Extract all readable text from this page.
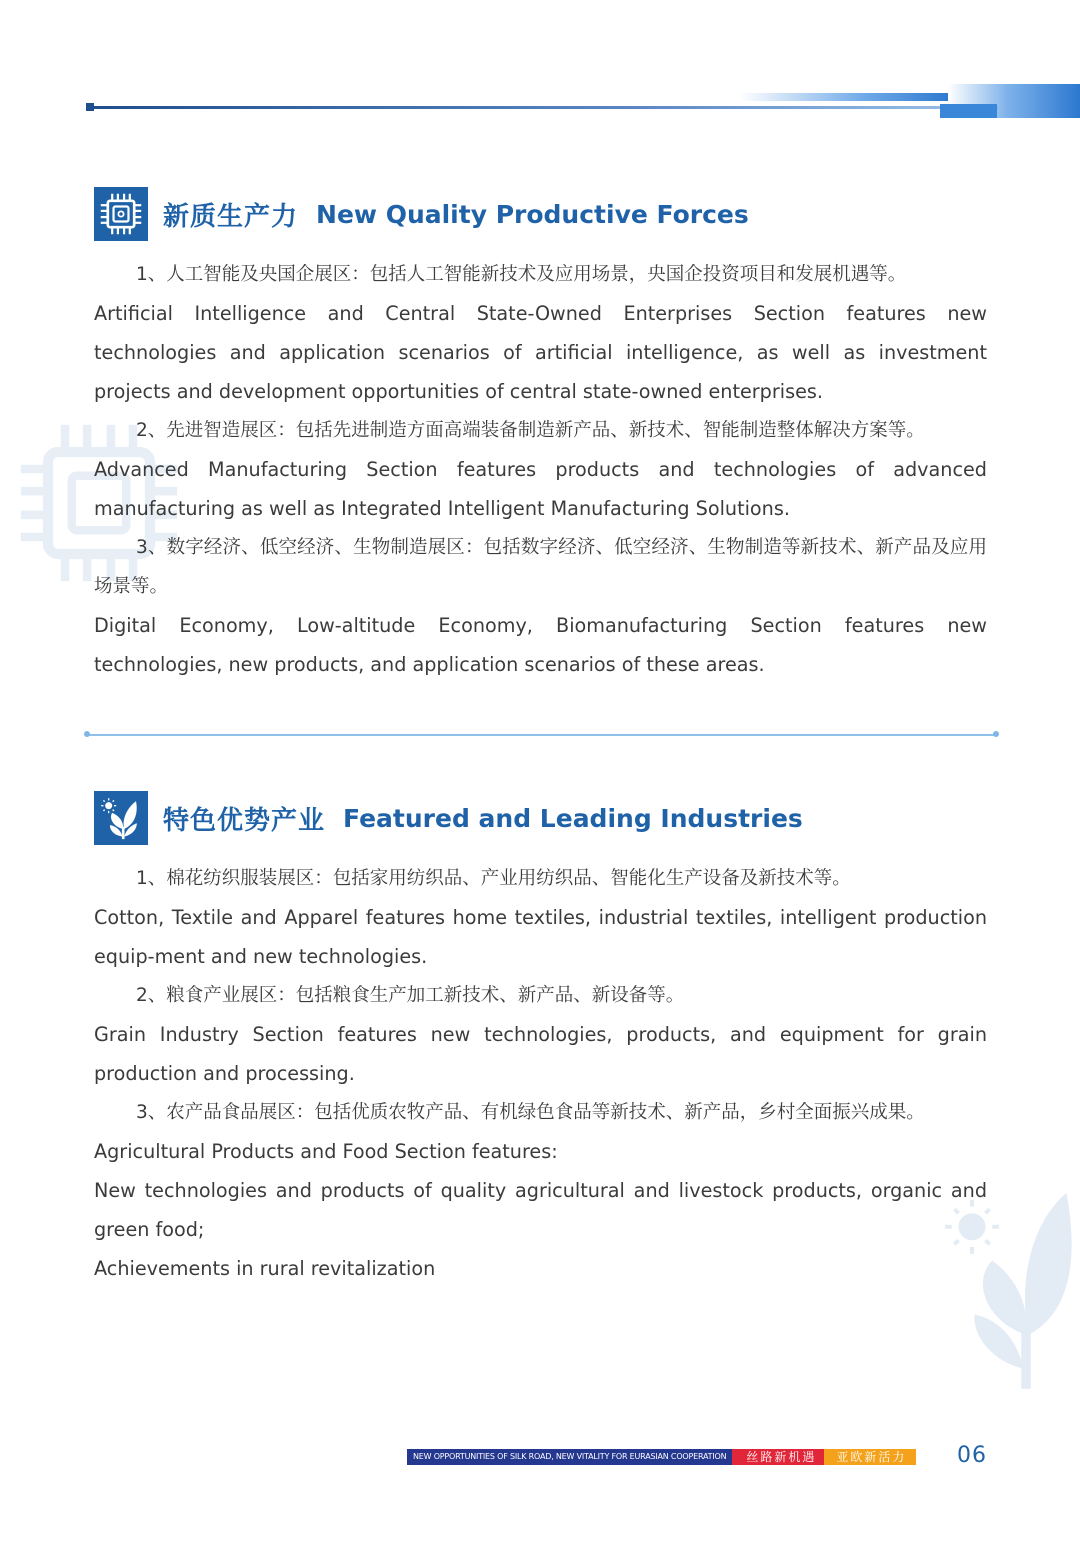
新质生产力 New Quality Productive Forces

1、人工智能及央国企展区：包括人工智能新技术及应用场景，央国企投资项目和发展机遇等。

Artificial Intelligence and Central State-Owned Enterprises Section features new technologies and application scenarios of artificial intelligence, as well as investment projects and development opportunities of central state-owned enterprises.

2、先进智造展区：包括先进制造方面高端装备制造新产品、新技术、智能制造整体解决方案等。

Advanced Manufacturing Section features products and technologies of advanced manufacturing as well as Integrated Intelligent Manufacturing Solutions.

3、数字经济、低空经济、生物制造展区：包括数字经济、低空经济、生物制造等新技术、新产品及应用场景等。

Digital Economy, Low-altitude Economy, Biomanufacturing Section features new technologies, new products, and application scenarios of these areas.

特色优势产业 Featured and Leading Industries

1、棉花纺织服装展区：包括家用纺织品、产业用纺织品、智能化生产设备及新技术等。

Cotton, Textile and Apparel features home textiles, industrial textiles, intelligent production equip-ment and new technologies.

2、粮食产业展区：包括粮食生产加工新技术、新产品、新设备等。

Grain Industry Section features new technologies, products, and equipment for grain production and processing.

3、农产品食品展区：包括优质农牧产品、有机绿色食品等新技术、新产品，乡村全面振兴成果。

Agricultural Products and Food Section features:

New technologies and products of quality agricultural and livestock products, organic and green food;

Achievements in rural revitalization

NEW OPPORTUNITIES OF SILK ROAD, NEW VITALITY FOR EURASIAN COOPERATION	丝路新机遇	亚欧新活力	06
